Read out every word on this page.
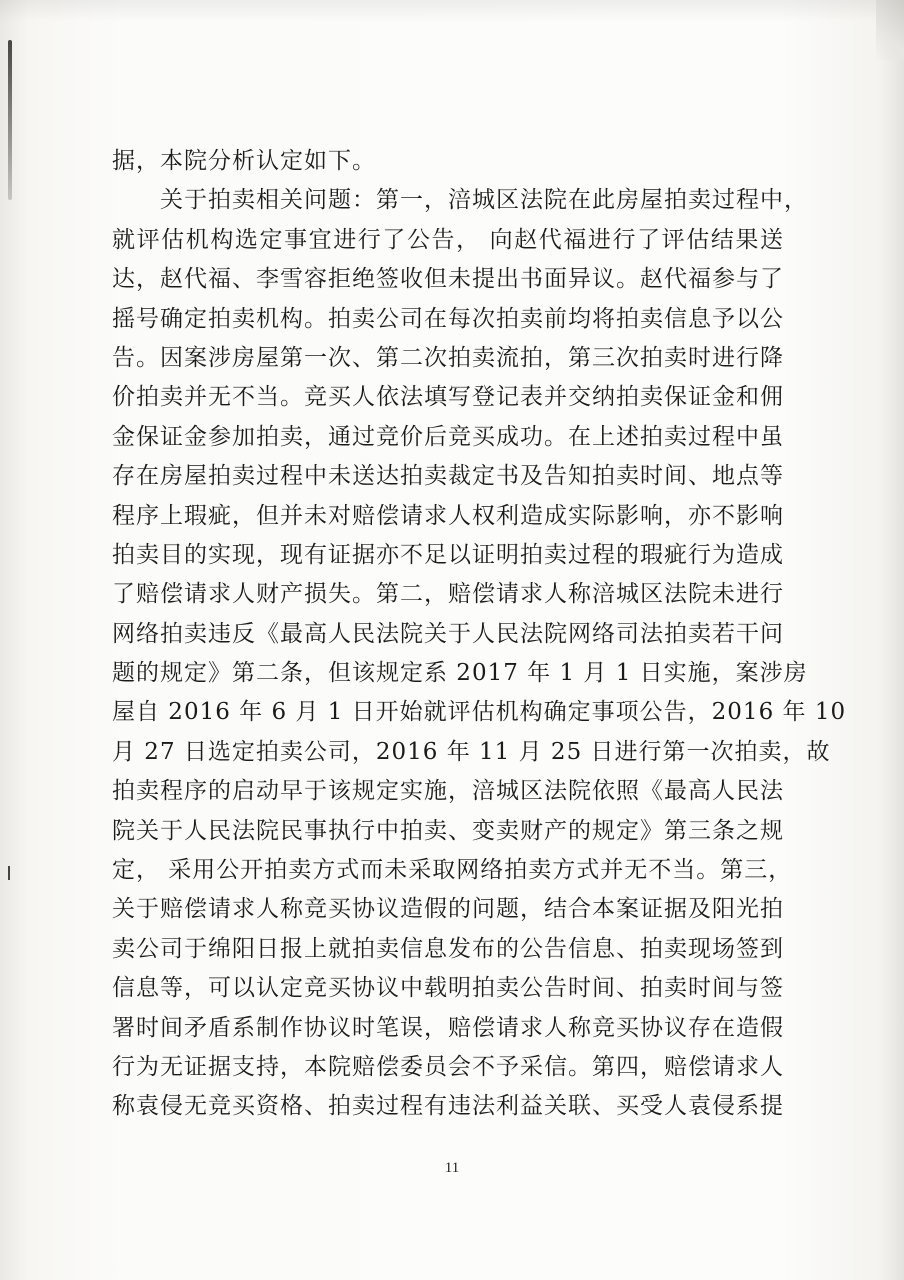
据，本院分析认定如下。
关于拍卖相关问题：第一，涪城区法院在此房屋拍卖过程中，
就评估机构选定事宜进行了公告， 向赵代福进行了评估结果送
达，赵代福、李雪容拒绝签收但未提出书面异议。赵代福参与了
摇号确定拍卖机构。拍卖公司在每次拍卖前均将拍卖信息予以公
告。因案涉房屋第一次、第二次拍卖流拍，第三次拍卖时进行降
价拍卖并无不当。竞买人依法填写登记表并交纳拍卖保证金和佣
金保证金参加拍卖，通过竞价后竞买成功。在上述拍卖过程中虽
存在房屋拍卖过程中未送达拍卖裁定书及告知拍卖时间、地点等
程序上瑕疵，但并未对赔偿请求人权利造成实际影响，亦不影响
拍卖目的实现，现有证据亦不足以证明拍卖过程的瑕疵行为造成
了赔偿请求人财产损失。第二，赔偿请求人称涪城区法院未进行
网络拍卖违反《最高人民法院关于人民法院网络司法拍卖若干问
题的规定》第二条，但该规定系 2017 年 1 月 1 日实施，案涉房
屋自 2016 年 6 月 1 日开始就评估机构确定事项公告，2016 年 10
月 27 日选定拍卖公司，2016 年 11 月 25 日进行第一次拍卖，故
拍卖程序的启动早于该规定实施，涪城区法院依照《最高人民法
院关于人民法院民事执行中拍卖、变卖财产的规定》第三条之规
定， 采用公开拍卖方式而未采取网络拍卖方式并无不当。第三，
关于赔偿请求人称竞买协议造假的问题，结合本案证据及阳光拍
卖公司于绵阳日报上就拍卖信息发布的公告信息、拍卖现场签到
信息等，可以认定竞买协议中载明拍卖公告时间、拍卖时间与签
署时间矛盾系制作协议时笔误，赔偿请求人称竞买协议存在造假
行为无证据支持，本院赔偿委员会不予采信。第四，赔偿请求人
称袁侵无竞买资格、拍卖过程有违法利益关联、买受人袁侵系提
11
